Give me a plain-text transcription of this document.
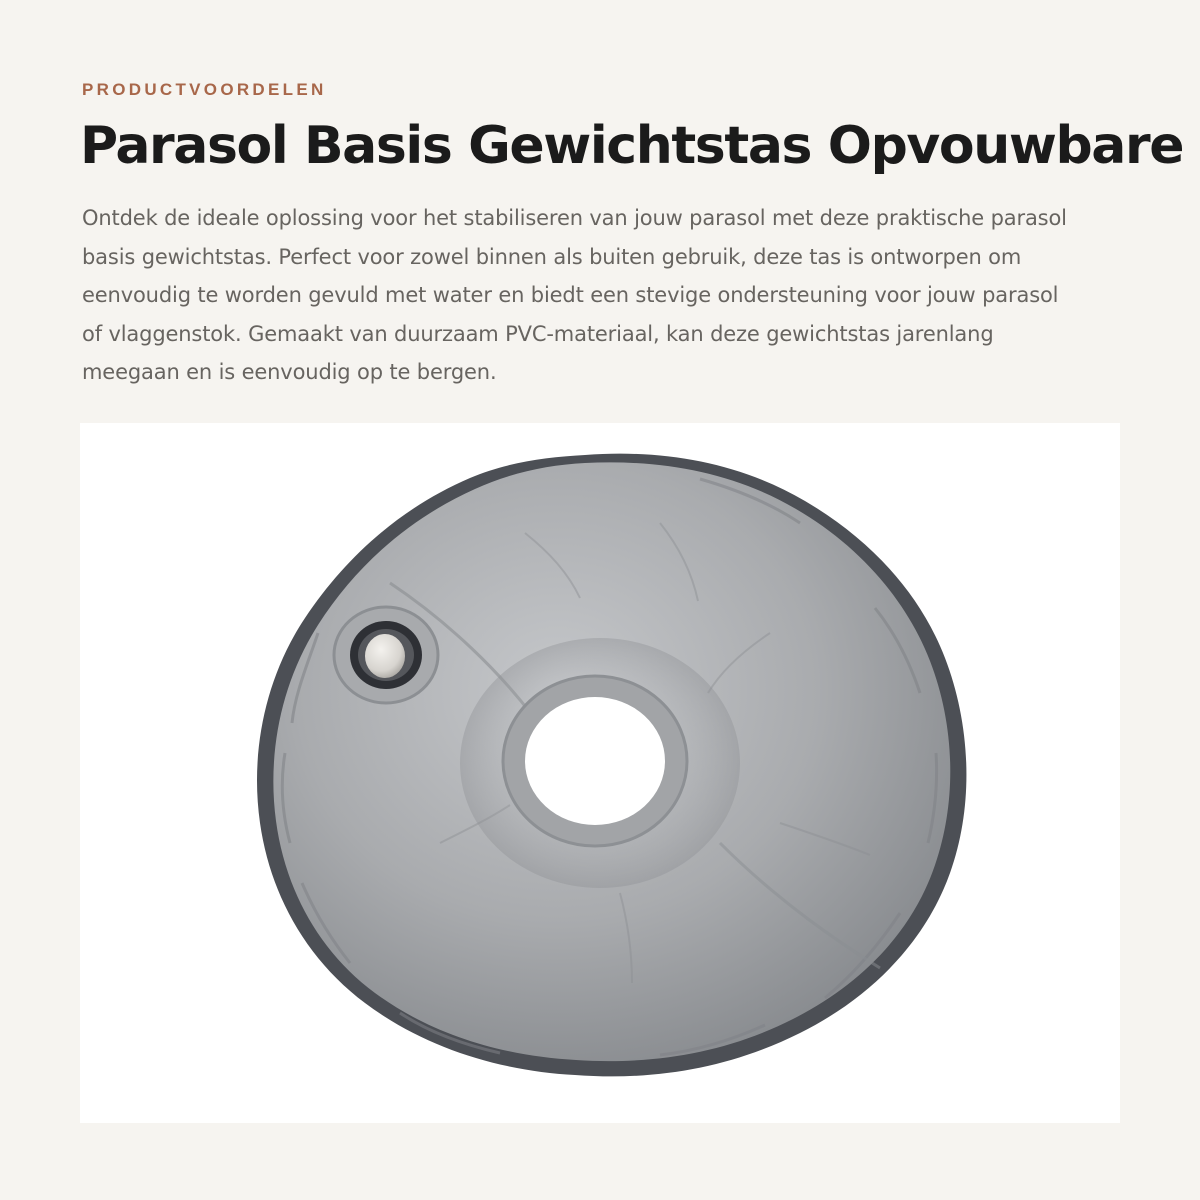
PRODUCTVOORDELEN

Parasol Basis Gewichtstas Opvouwbare

Ontdek de ideale oplossing voor het stabiliseren van jouw parasol met deze praktische parasol basis gewichtstas. Perfect voor zowel binnen als buiten gebruik, deze tas is ontworpen om eenvoudig te worden gevuld met water en biedt een stevige ondersteuning voor jouw parasol of vlaggenstok. Gemaakt van duurzaam PVC-materiaal, kan deze gewichtstas jarenlang meegaan en is eenvoudig op te bergen.
